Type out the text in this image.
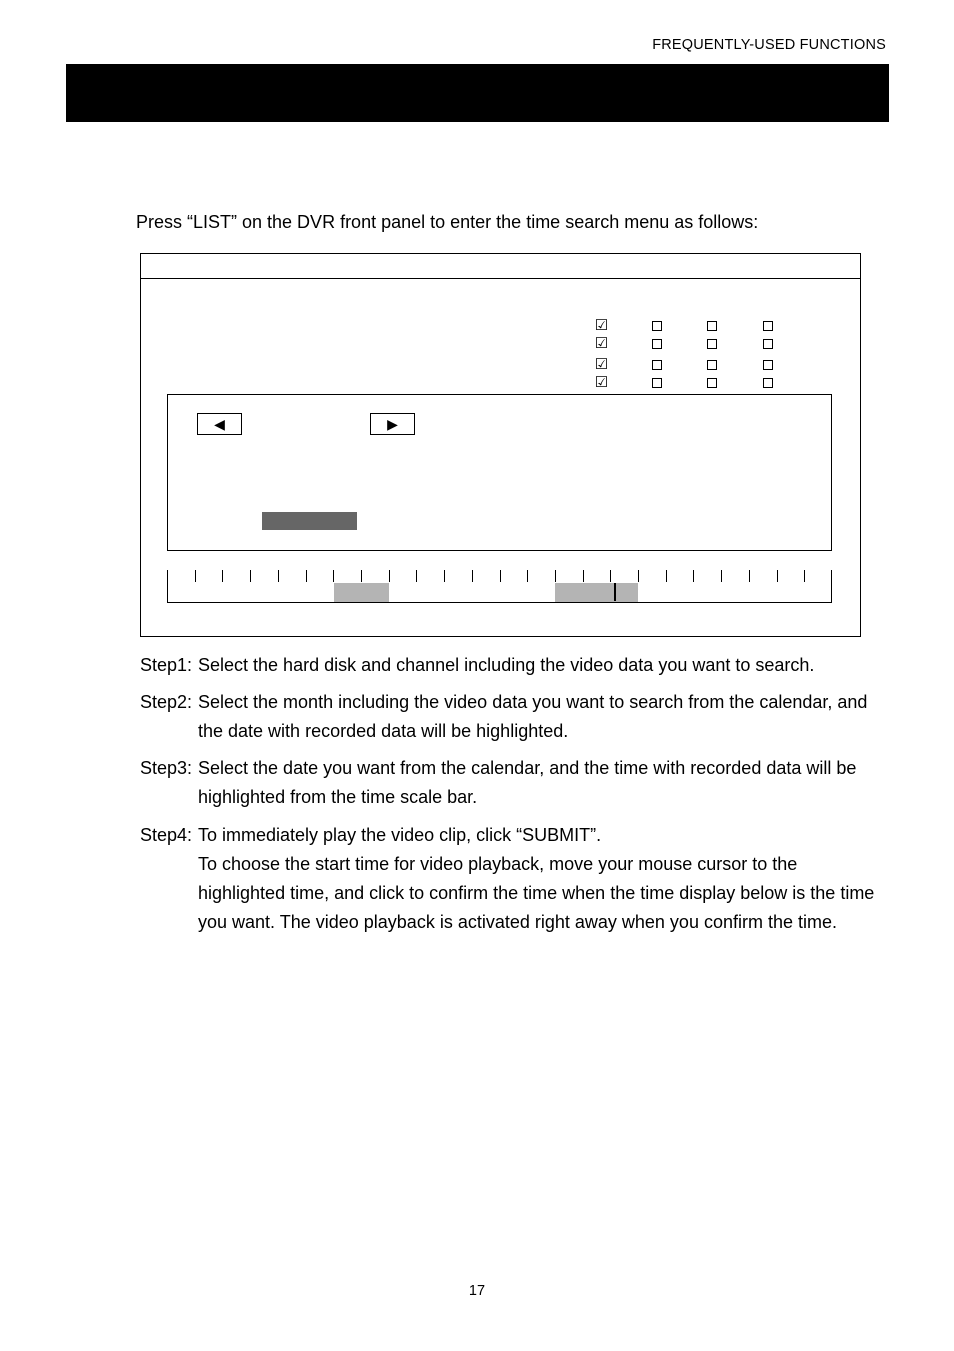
FREQUENTLY-USED FUNCTIONS
Press “LIST” on the DVR front panel to enter the time search menu as follows:
☑
☑
☑
☑
◀	▶
Step1: Select the hard disk and channel including the video data you want to search.
Step2: Select the month including the video data you want to search from the calendar, and the date with recorded data will be highlighted.
Step3: Select the date you want from the calendar, and the time with recorded data will be highlighted from the time scale bar.
Step4: To immediately play the video clip, click “SUBMIT”.
To choose the start time for video playback, move your mouse cursor to the highlighted time, and click to confirm the time when the time display below is the time you want. The video playback is activated right away when you confirm the time.
17
